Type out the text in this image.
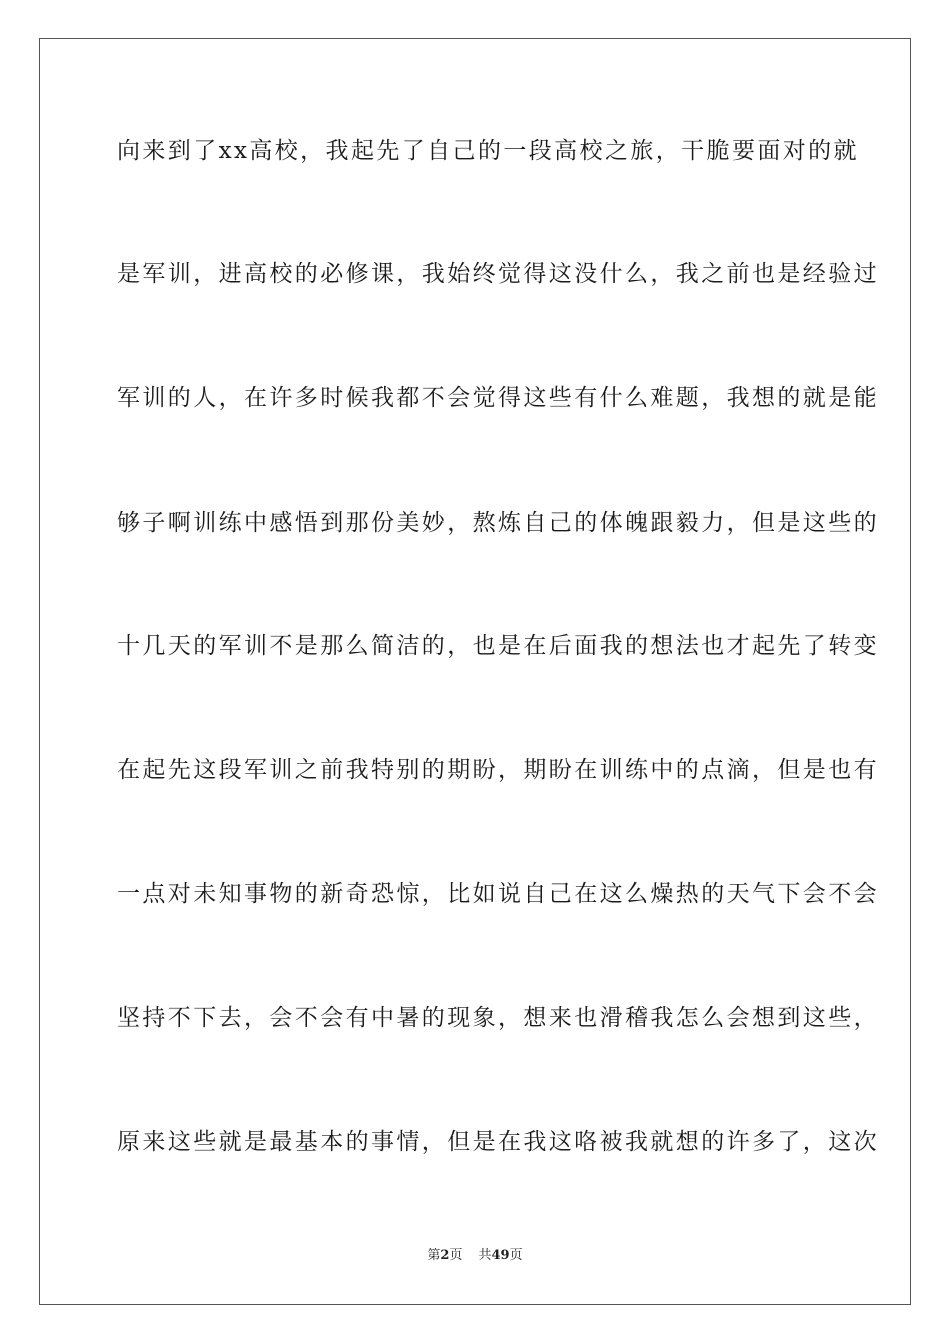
向来到了xx高校，我起先了自己的一段高校之旅，干脆要面对的就
是军训，进高校的必修课，我始终觉得这没什么，我之前也是经验过
军训的人，在许多时候我都不会觉得这些有什么难题，我想的就是能
够子啊训练中感悟到那份美妙，熬炼自己的体魄跟毅力，但是这些的
十几天的军训不是那么简洁的，也是在后面我的想法也才起先了转变
在起先这段军训之前我特别的期盼，期盼在训练中的点滴，但是也有
一点对未知事物的新奇恐惊，比如说自己在这么燥热的天气下会不会
坚持不下去，会不会有中暑的现象，想来也滑稽我怎么会想到这些，
原来这些就是最基本的事情，但是在我这咯被我就想的许多了，这次
第2页 共49页
